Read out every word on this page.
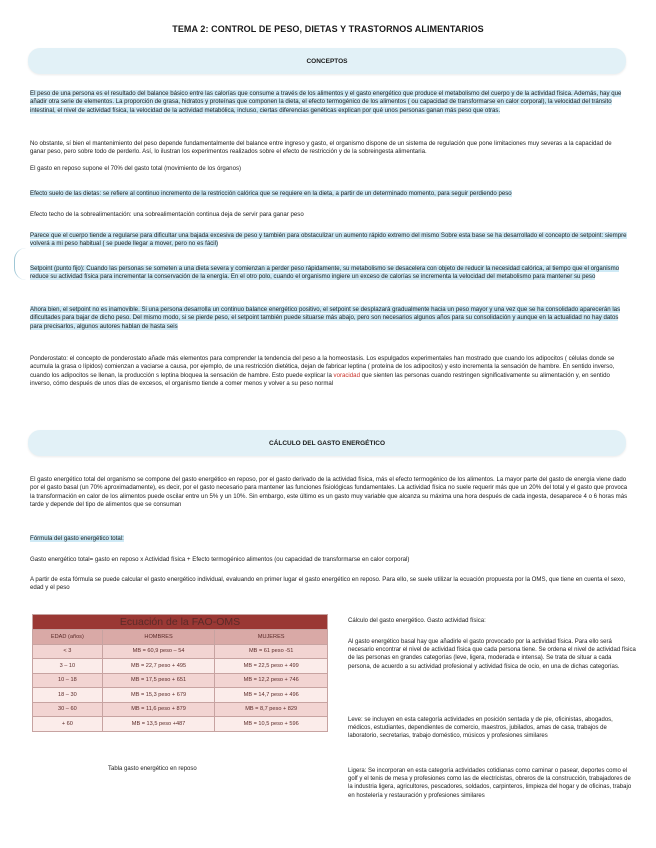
TEMA 2: CONTROL DE PESO, DIETAS Y TRASTORNOS ALIMENTARIOS
CONCEPTOS

El peso de una persona es el resultado del balance básico entre las calorías que consume a través de los alimentos y el gasto energético que produce el metabolismo del cuerpo y de la actividad física. Además, hay que añadir otra serie de elementos. La proporción de grasa, hidratos y proteínas que componen la dieta, el efecto termogénico de los alimentos ( ou capacidad de transformarse en calor corporal), la velocidad del tránsito intestinal, el nivel de actividad física, la velocidad de la actividad metabólica, incluso, ciertas diferencias genéticas explican por qué unos personas ganan más peso que otras.

No obstante, sí bien el mantenimiento del peso depende fundamentalmente del balance entre ingreso y gasto, el organismo dispone de un sistema de regulación que pone limitaciones muy severas a la capacidad de ganar peso, pero sobre todo de perderlo. Así, lo ilustran los experimentos realizados sobre el efecto de restricción y de la sobreingesta alimentaria.

El gasto en reposo supone el 70% del gasto total (movimiento de los órganos)

Efecto suelo de las dietas: se refiere al continuo incremento de la restricción calórica que se requiere en la dieta, a partir de un determinado momento, para seguir perdiendo peso

Efecto techo de la sobrealimentación: una sobrealimentación continua deja de servir para ganar peso

Parece que el cuerpo tiende a regularse para dificultar una bajada excesiva de peso y también para obstaculizar un aumento rápido extremo del mismo Sobre esta base se ha desarrollado el concepto de setpoint: siempre volverá a mi peso habitual ( se puede llegar a mover, pero no es fácil)

Setpoint (punto fijo): Cuando las personas se someten a una dieta severa y comienzan a perder peso rápidamente, su metabolismo se desacelera con objeto de reducir la necesidad calórica, al tiempo que el organismo reduce su actividad física para incrementar la conservación de la energía. En el otro polo, cuando el organismo ingiere un exceso de calorías se incrementa la velocidad del metabolismo para mantener su peso

Ahora bien, el setpoint no es inamovible. Si una persona desarrolla un continuo balance energético positivo, el setpoint se desplazará gradualmente hacia un peso mayor y una vez que se ha consolidado aparecerán las dificultades para bajar de dicho peso. Del mismo modo, si se pierde peso, el setpoint también puede situarse más abajo, pero son necesarios algunos años para su consolidación y aunque en la actualidad no hay datos para precisarlos, algunos autores hablan de hasta seis

Ponderostato: el concepto de ponderostato añade más elementos para comprender la tendencia del peso a la homeostasis. Los espulgados experimentales han mostrado que cuando los adipocitos ( células donde se acumula la grasa o lípidos) comienzan a vaciarse a causa, por ejemplo, de una restricción dietética, dejan de fabricar leptina ( proteína de los adipocitos) y esto incrementa la sensación de hambre. En sentido inverso, cuando los adipocitos se llenan, la producción s leptina bloquea la sensación de hambre. Esto puede explicar la voracidad que sienten las personas cuando restringen significativamente su alimentación y, en sentido inverso, cómo después de unos días de excesos, el organismo tiende a comer menos y volver a su peso normal

CÁLCULO DEL GASTO ENERGÉTICO

El gasto energético total del organismo se compone del gasto energético en reposo, por el gasto derivado de la actividad física, más el efecto termogénico de los alimentos. La mayor parte del gasto de energía viene dado por el gasto basal (un 70% aproximadamente), es decir, por el gasto necesario para mantener las funciones fisiológicas fundamentales. La actividad física no suele requerir más que un 20% del total y el gasto que provoca la transformación en calor de los alimentos puede oscilar entre un 5% y un 10%. Sin embargo, este último es un gasto muy variable que alcanza su máxima una hora después de cada ingesta, desaparece 4 o 6 horas más tarde y depende del tipo de alimentos que se consuman

Fórmula del gasto energético total:

Gasto energético total= gasto en reposo x Actividad física + Efecto termogénico alimentos (ou capacidad de transformarse en calor corporal)

A partir de esta fórmula se puede calcular el gasto energético individual, evaluando en primer lugar el gasto energético en reposo. Para ello, se suele utilizar la ecuación propuesta por la OMS, que tiene en cuenta el sexo, edad y el peso

Ecuación de la FAO-OMS		
EDAD (años)	HOMBRES	MUJERES
< 3	MB = 60,9 peso – 54	MB = 61 peso -51
3 – 10	MB = 22,7 peso + 495	MB = 22,5 peso + 499
10 – 18	MB = 17,5 peso + 651	MB = 12,2 peso + 746
18 – 30	MB = 15,3 peso + 679	MB = 14,7 peso + 496
30 – 60	MB = 11,6 peso + 879	MB = 8,7 peso + 829
+ 60	MB = 13,5 peso +487	MB = 10,5 peso + 596
Tabla gasto energético en reposo

Cálculo del gasto energético. Gasto actividad física:

Al gasto energético basal hay que añadirle el gasto provocado por la actividad física. Para ello será necesario encontrar el nivel de actividad física que cada persona tiene. Se ordena el nivel de actividad física de las personas en grandes categorías (leve, ligera, moderada e intensa). Se trata de situar a cada persona, de acuerdo a su actividad profesional y actividad física de ocio, en una de dichas categorías.

Leve: se incluyen en esta categoría actividades en posición sentada y de pie, oficinistas, abogados, médicos, estudiantes, dependientes de comercio, maestros, jubilados, amas de casa, trabajos de laboratorio, secretarias, trabajo doméstico, músicos y profesiones similares

Ligera: Se incorporan en esta categoría actividades cotidianas como caminar o pasear, deportes como el golf y el tenis de mesa y profesiones como las de electricistas, obreros de la construcción, trabajadores de la industria ligera, agricultores, pescadores, soldados, carpinteros, limpieza del hogar y de oficinas, trabajo en hostelería y restauración y profesiones similares
